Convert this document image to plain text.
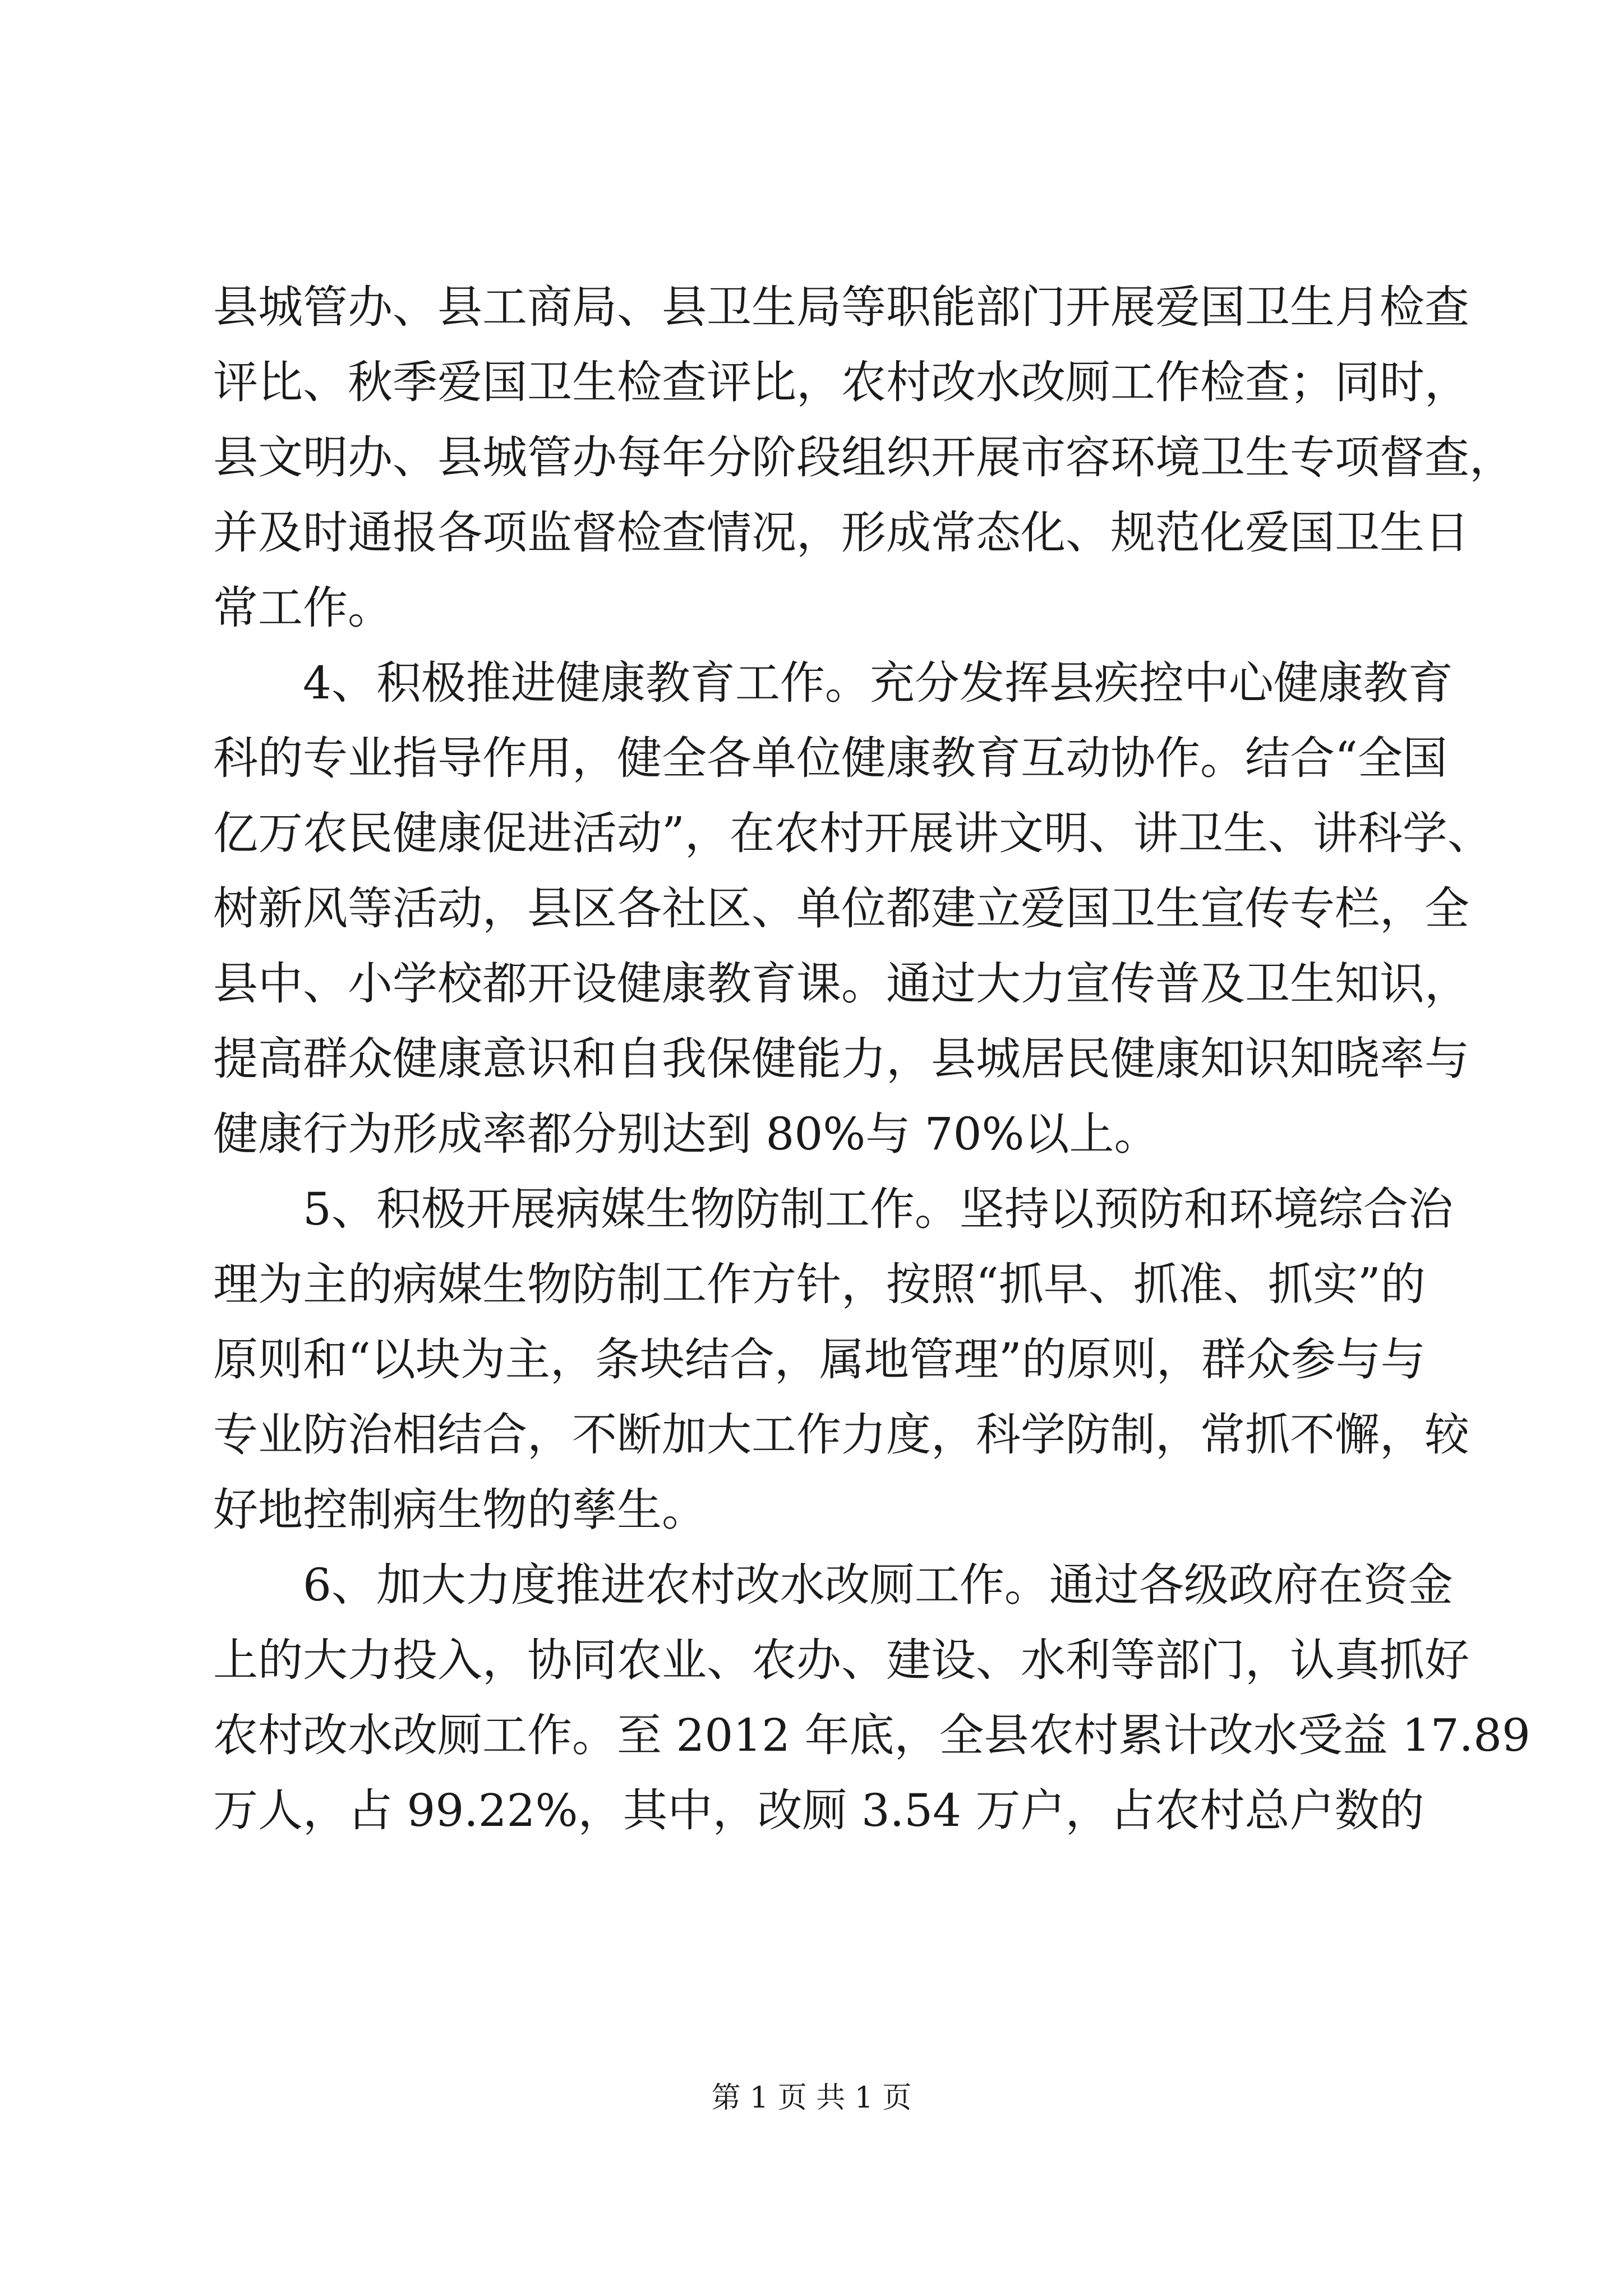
县城管办、县工商局、县卫生局等职能部门开展爱国卫生月检查
评比、秋季爱国卫生检查评比，农村改水改厕工作检查；同时，
县文明办、县城管办每年分阶段组织开展市容环境卫生专项督查，
并及时通报各项监督检查情况，形成常态化、规范化爱国卫生日
常工作。
4、积极推进健康教育工作。充分发挥县疾控中心健康教育
科的专业指导作用，健全各单位健康教育互动协作。结合“全国
亿万农民健康促进活动”，在农村开展讲文明、讲卫生、讲科学、
树新风等活动，县区各社区、单位都建立爱国卫生宣传专栏，全
县中、小学校都开设健康教育课。通过大力宣传普及卫生知识，
提高群众健康意识和自我保健能力，县城居民健康知识知晓率与
健康行为形成率都分别达到 80%与 70%以上。
5、积极开展病媒生物防制工作。坚持以预防和环境综合治
理为主的病媒生物防制工作方针，按照“抓早、抓准、抓实”的
原则和“以块为主，条块结合，属地管理”的原则，群众参与与
专业防治相结合，不断加大工作力度，科学防制，常抓不懈，较
好地控制病生物的孳生。
6、加大力度推进农村改水改厕工作。通过各级政府在资金
上的大力投入，协同农业、农办、建设、水利等部门，认真抓好
农村改水改厕工作。至 2012 年底，全县农村累计改水受益 17.89
万人，占 99.22%，其中，改厕 3.54 万户，占农村总户数的
第 1 页 共 1 页
